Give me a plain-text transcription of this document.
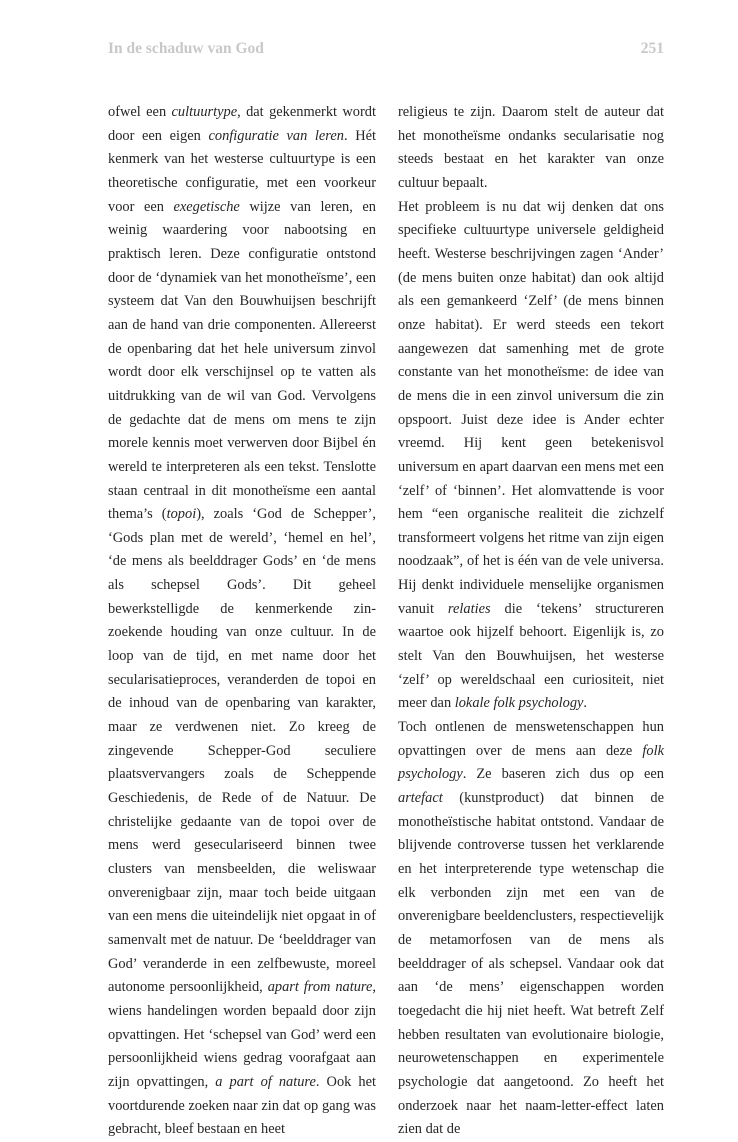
In de schaduw van God	251

ofwel een cultuurtype, dat gekenmerkt wordt door een eigen configuratie van leren. Hét kenmerk van het westerse cultuurtype is een theoretische configuratie, met een voorkeur voor een exegetische wijze van leren, en weinig waardering voor nabootsing en praktisch leren. Deze configuratie ontstond door de ‘dynamiek van het monotheïsme’, een systeem dat Van den Bouwhuijsen beschrijft aan de hand van drie componenten. Allereerst de openbaring dat het hele universum zinvol wordt door elk verschijnsel op te vatten als uitdrukking van de wil van God. Vervolgens de gedachte dat de mens om mens te zijn morele kennis moet verwerven door Bijbel én wereld te interpreteren als een tekst. Tenslotte staan centraal in dit monotheïsme een aantal thema’s (topoi), zoals ‘God de Schepper’, ‘Gods plan met de wereld’, ‘hemel en hel’, ‘de mens als beelddrager Gods’ en ‘de mens als schepsel Gods’. Dit geheel bewerkstelligde de kenmerkende zin-zoekende houding van onze cultuur. In de loop van de tijd, en met name door het secularisatieproces, veranderden de topoi en de inhoud van de openbaring van karakter, maar ze verdwenen niet. Zo kreeg de zingevende Schepper-God seculiere plaatsvervangers zoals de Scheppende Geschiedenis, de Rede of de Natuur. De christelijke gedaante van de topoi over de mens werd geseculariseerd binnen twee clusters van mensbeelden, die weliswaar onverenigbaar zijn, maar toch beide uitgaan van een mens die uiteindelijk niet opgaat in of samenvalt met de natuur. De ‘beelddrager van God’ veranderde in een zelfbewuste, moreel autonome persoonlijkheid, apart from nature, wiens handelingen worden bepaald door zijn opvattingen. Het ‘schepsel van God’ werd een persoonlijkheid wiens gedrag voorafgaat aan zijn opvattingen, a part of nature. Ook het voortdurende zoeken naar zin dat op gang was gebracht, bleef bestaan en heet

religieus te zijn. Daarom stelt de auteur dat het monotheïsme ondanks secularisatie nog steeds bestaat en het karakter van onze cultuur bepaalt.

Het probleem is nu dat wij denken dat ons specifieke cultuurtype universele geldigheid heeft. Westerse beschrijvingen zagen ‘Ander’ (de mens buiten onze habitat) dan ook altijd als een gemankeerd ‘Zelf’ (de mens binnen onze habitat). Er werd steeds een tekort aangewezen dat samenhing met de grote constante van het monotheïsme: de idee van de mens die in een zinvol universum die zin opspoort. Juist deze idee is Ander echter vreemd. Hij kent geen betekenisvol universum en apart daarvan een mens met een ‘zelf’ of ‘binnen’. Het alomvattende is voor hem “een organische realiteit die zichzelf transformeert volgens het ritme van zijn eigen noodzaak”, of het is één van de vele universa. Hij denkt individuele menselijke organismen vanuit relaties die ‘tekens’ structureren waartoe ook hijzelf behoort. Eigenlijk is, zo stelt Van den Bouwhuijsen, het westerse ‘zelf’ op wereldschaal een curiositeit, niet meer dan lokale folk psychology.

Toch ontlenen de menswetenschappen hun opvattingen over de mens aan deze folk psychology. Ze baseren zich dus op een artefact (kunstproduct) dat binnen de monotheïstische habitat ontstond. Vandaar de blijvende controverse tussen het verklarende en het interpreterende type wetenschap die elk verbonden zijn met een van de onverenigbare beeldenclusters, respectievelijk de metamorfosen van de mens als beelddrager of als schepsel. Vandaar ook dat aan ‘de mens’ eigenschappen worden toegedacht die hij niet heeft. Wat betreft Zelf hebben resultaten van evolutionaire biologie, neurowetenschappen en experimentele psychologie dat aangetoond. Zo heeft het onderzoek naar het naam-letter-effect laten zien dat de
